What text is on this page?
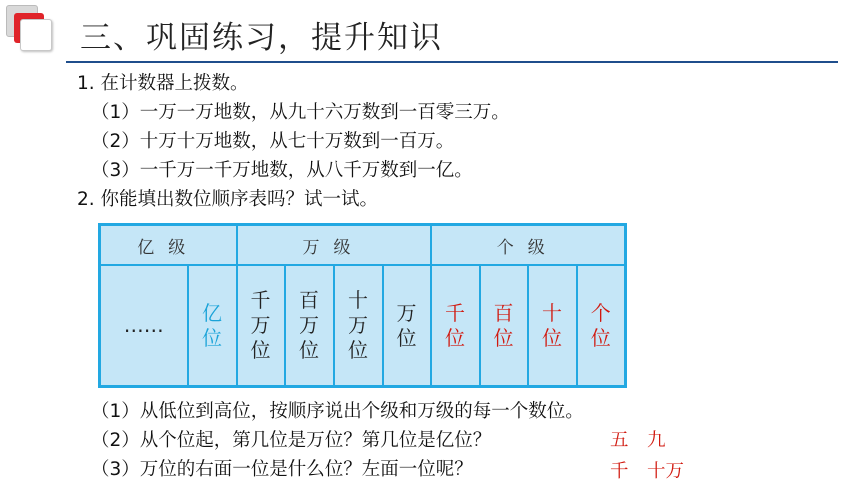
三、巩固练习，提升知识
1. 在计数器上拨数。
（1）一万一万地数，从九十六万数到一百零三万。
（2）十万十万地数，从七十万数到一百万。
（3）一千万一千万地数，从八千万数到一亿。
2. 你能填出数位顺序表吗？试一试。
亿级		万级				个级			
……	亿位	千万位	百万位	十万位	万位	千位	百位	十位	个位
（1）从低位到高位，按顺序说出个级和万级的每一个数位。
（2）从个位起，第几位是万位？第几位是亿位？	五　九
（3）万位的右面一位是什么位？左面一位呢？	千　十万
